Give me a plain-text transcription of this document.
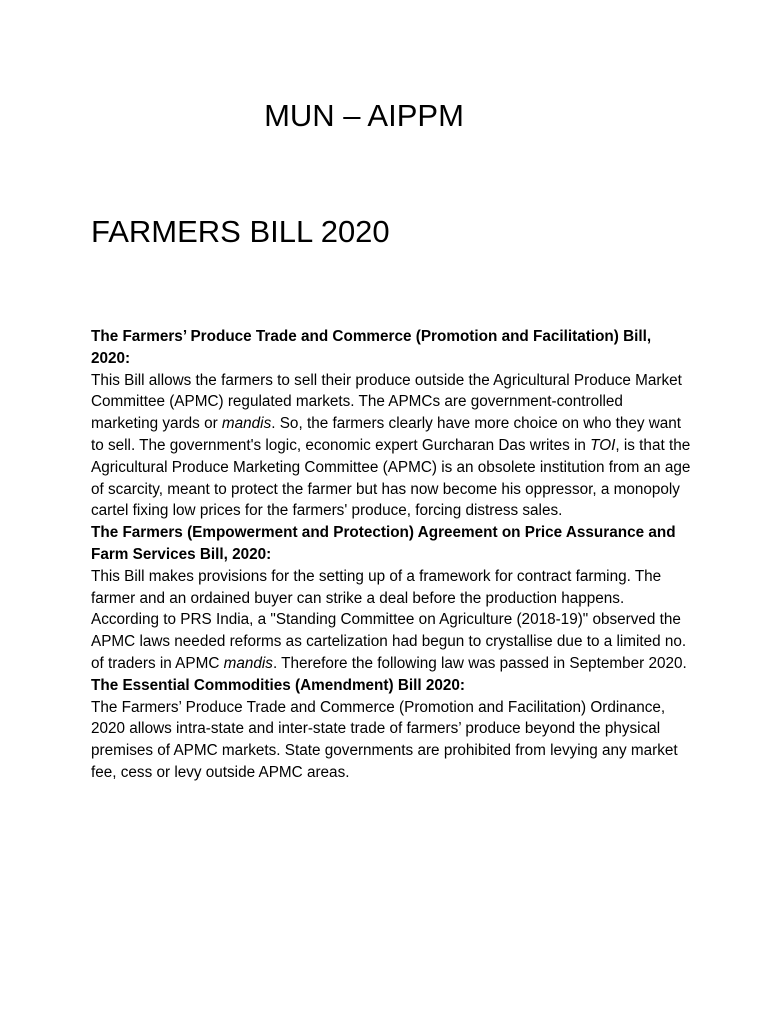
MUN – AIPPM
FARMERS BILL 2020

The Farmers’ Produce Trade and Commerce (Promotion and Facilitation) Bill, 2020:

This Bill allows the farmers to sell their produce outside the Agricultural Produce Market Committee (APMC) regulated markets. The APMCs are government-controlled marketing yards or mandis. So, the farmers clearly have more choice on who they want to sell. The government's logic, economic expert Gurcharan Das writes in TOI, is that the Agricultural Produce Marketing Committee (APMC) is an obsolete institution from an age of scarcity, meant to protect the farmer but has now become his oppressor, a monopoly cartel fixing low prices for the farmers' produce, forcing distress sales.

The Farmers (Empowerment and Protection) Agreement on Price Assurance and Farm Services Bill, 2020:

This Bill makes provisions for the setting up of a framework for contract farming. The farmer and an ordained buyer can strike a deal before the production happens.

According to PRS India, a "Standing Committee on Agriculture (2018-19)" observed the APMC laws needed reforms as cartelization had begun to crystallise due to a limited no. of traders in APMC mandis. Therefore the following law was passed in September 2020.

The Essential Commodities (Amendment) Bill 2020:

The Farmers’ Produce Trade and Commerce (Promotion and Facilitation) Ordinance, 2020 allows intra-state and inter-state trade of farmers’ produce beyond the physical premises of APMC markets. State governments are prohibited from levying any market fee, cess or levy outside APMC areas.
